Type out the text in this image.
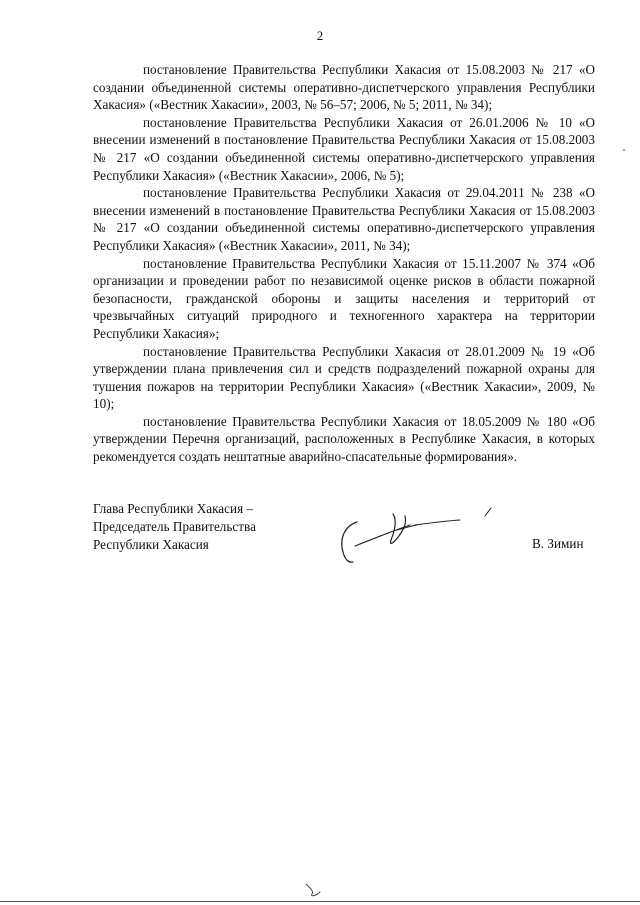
2

постановление Правительства Республики Хакасия от 15.08.2003 № 217 «О создании объединенной системы оперативно-диспетчерского управления Республики Хакасия» («Вестник Хакасии», 2003, № 56–57; 2006, № 5; 2011, № 34);

постановление Правительства Республики Хакасия от 26.01.2006 № 10 «О внесении изменений в постановление Правительства Республики Хакасия от 15.08.2003 № 217 «О создании объединенной системы оперативно-диспетчерского управления Республики Хакасия» («Вестник Хакасии», 2006, № 5);

постановление Правительства Республики Хакасия от 29.04.2011 № 238 «О внесении изменений в постановление Правительства Республики Хакасия от 15.08.2003 № 217 «О создании объединенной системы оперативно-диспетчерского управления Республики Хакасия» («Вестник Хакасии», 2011, № 34);

постановление Правительства Республики Хакасия от 15.11.2007 № 374 «Об организации и проведении работ по независимой оценке рисков в области пожарной безопасности, гражданской обороны и защиты населения и территорий от чрезвычайных ситуаций природного и техногенного характера на территории Республики Хакасия»;

постановление Правительства Республики Хакасия от 28.01.2009 № 19 «Об утверждении плана привлечения сил и средств подразделений пожарной охраны для тушения пожаров на территории Республики Хакасия» («Вестник Хакасии», 2009, № 10);

постановление Правительства Республики Хакасия от 18.05.2009 № 180 «Об утверждении Перечня организаций, расположенных в Республике Хакасия, в которых рекомендуется создать нештатные аварийно-спасательные формирования».

Глава Республики Хакасия –
Председатель Правительства
Республики Хакасия	В. Зимин
